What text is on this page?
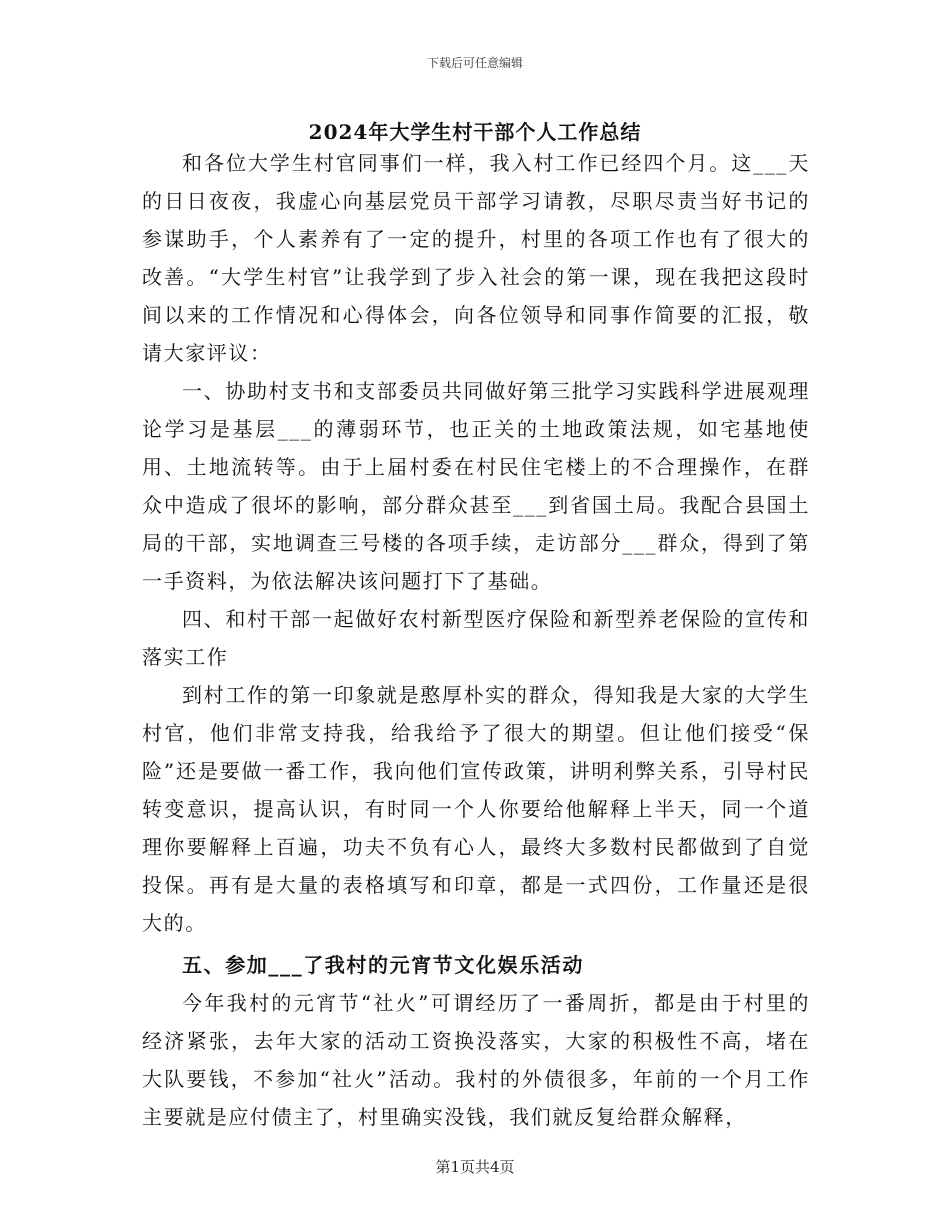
下载后可任意编辑
2024年大学生村干部个人工作总结

和各位大学生村官同事们一样，我入村工作已经四个月。这___天的日日夜夜，我虚心向基层党员干部学习请教，尽职尽责当好书记的参谋助手，个人素养有了一定的提升，村里的各项工作也有了很大的改善。“大学生村官”让我学到了步入社会的第一课，现在我把这段时间以来的工作情况和心得体会，向各位领导和同事作简要的汇报，敬请大家评议：

一、协助村支书和支部委员共同做好第三批学习实践科学进展观理论学习是基层___的薄弱环节，也正关的土地政策法规，如宅基地使用、土地流转等。由于上届村委在村民住宅楼上的不合理操作，在群众中造成了很坏的影响，部分群众甚至___到省国土局。我配合县国土局的干部，实地调查三号楼的各项手续，走访部分___群众，得到了第一手资料，为依法解决该问题打下了基础。

四、和村干部一起做好农村新型医疗保险和新型养老保险的宣传和落实工作

到村工作的第一印象就是憨厚朴实的群众，得知我是大家的大学生村官，他们非常支持我，给我给予了很大的期望。但让他们接受“保险”还是要做一番工作，我向他们宣传政策，讲明利弊关系，引导村民转变意识，提高认识，有时同一个人你要给他解释上半天，同一个道理你要解释上百遍，功夫不负有心人，最终大多数村民都做到了自觉投保。再有是大量的表格填写和印章，都是一式四份，工作量还是很大的。

五、参加___了我村的元宵节文化娱乐活动

今年我村的元宵节“社火”可谓经历了一番周折，都是由于村里的经济紧张，去年大家的活动工资换没落实，大家的积极性不高，堵在大队要钱，不参加“社火”活动。我村的外债很多，年前的一个月工作主要就是应付债主了，村里确实没钱，我们就反复给群众解释，

第1页共4页
